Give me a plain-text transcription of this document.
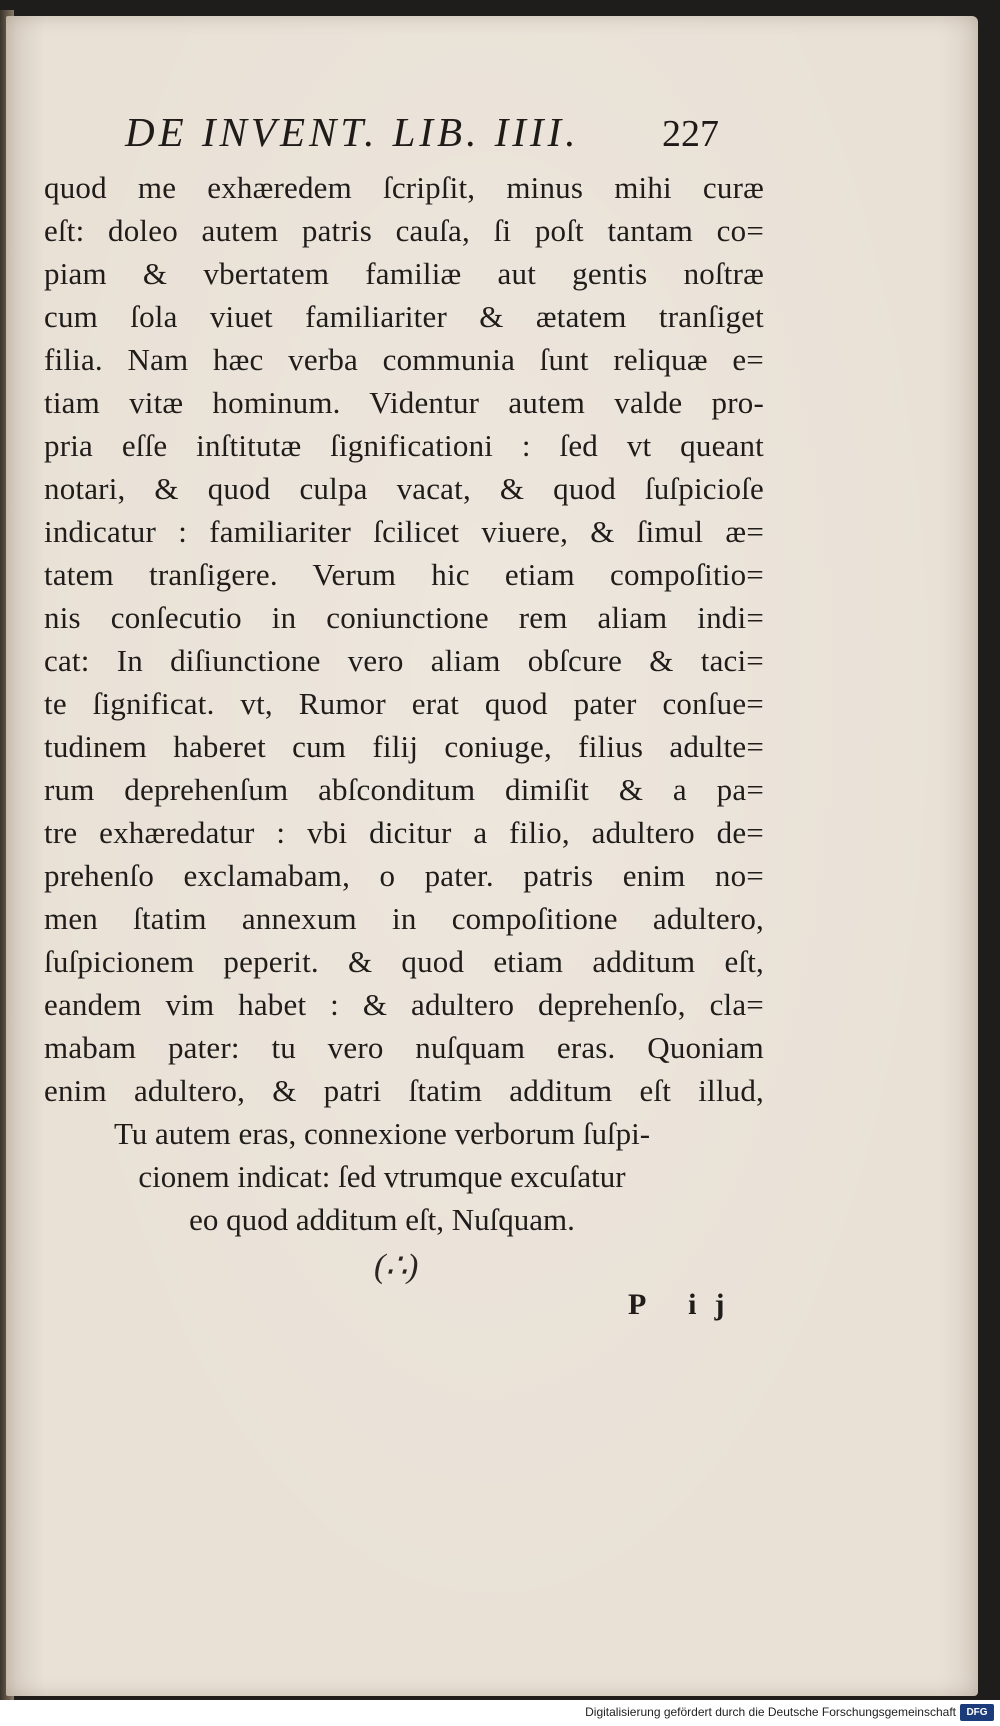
DE INVENT. LIB. IIII.	227
quod me exhæredem ſcripſit, minus mihi curæ
eſt: doleo autem patris cauſa, ſi poſt tantam co=
piam & vbertatem familiæ aut gentis noſtræ
cum ſola viuet familiariter & ætatem tranſiget
filia. Nam hæc verba communia ſunt reliquæ e=
tiam vitæ hominum. Videntur autem valde pro-
pria eſſe inſtitutæ ſignificationi : ſed vt queant
notari, & quod culpa vacat, & quod ſuſpicioſe
indicatur : familiariter ſcilicet viuere, & ſimul æ=
tatem tranſigere. Verum hic etiam compoſitio=
nis conſecutio in coniunctione rem aliam indi=
cat: In diſiunctione vero aliam obſcure & taci=
te ſignificat. vt, Rumor erat quod pater conſue=
tudinem haberet cum filij coniuge, filius adulte=
rum deprehenſum abſconditum dimiſit & a pa=
tre exhæredatur : vbi dicitur a filio, adultero de=
prehenſo exclamabam, o pater. patris enim no=
men ſtatim annexum in compoſitione adultero,
ſuſpicionem peperit. & quod etiam additum eſt,
eandem vim habet : & adultero deprehenſo, cla=
mabam pater: tu vero nuſquam eras. Quoniam
enim adultero, & patri ſtatim additum eſt illud,
Tu autem eras, connexione verborum ſuſpi-
cionem indicat: ſed vtrumque excuſatur
eo quod additum eſt, Nuſquam.
(∴)
P ij
Digitalisierung gefördert durch die Deutsche Forschungsgemeinschaft	DFG
